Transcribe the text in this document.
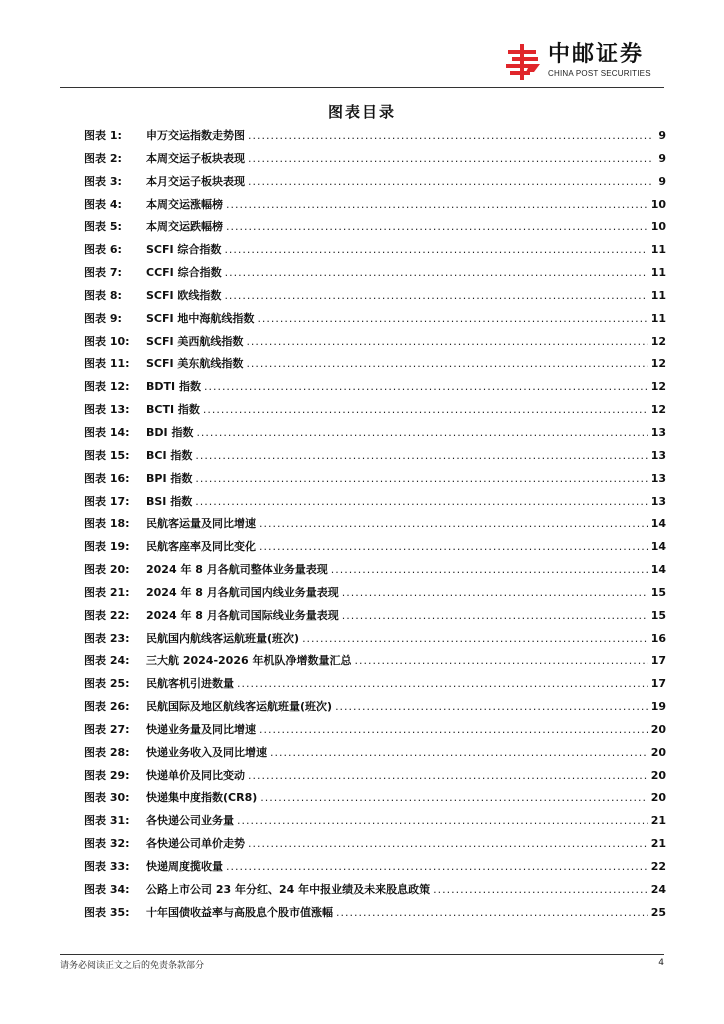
中邮证券
CHINA POST SECURITIES
图表目录
图表 1:	申万交运指数走势图 .....	9
图表 2:	本周交运子板块表现 .....	9
图表 3:	本月交运子板块表现 .....	9
图表 4:	本周交运涨幅榜 .....	10
图表 5:	本周交运跌幅榜 .....	10
图表 6:	SCFI 综合指数 .....	11
图表 7:	CCFI 综合指数 .....	11
图表 8:	SCFI 欧线指数 .....	11
图表 9:	SCFI 地中海航线指数 .....	11
图表 10:	SCFI 美西航线指数 .....	12
图表 11:	SCFI 美东航线指数 .....	12
图表 12:	BDTI 指数 .....	12
图表 13:	BCTI 指数 .....	12
图表 14:	BDI 指数 .....	13
图表 15:	BCI 指数 .....	13
图表 16:	BPI 指数 .....	13
图表 17:	BSI 指数 .....	13
图表 18:	民航客运量及同比增速 .....	14
图表 19:	民航客座率及同比变化 .....	14
图表 20:	2024 年 8 月各航司整体业务量表现 .....	14
图表 21:	2024 年 8 月各航司国内线业务量表现 .....	15
图表 22:	2024 年 8 月各航司国际线业务量表现 .....	15
图表 23:	民航国内航线客运航班量(班次) .....	16
图表 24:	三大航 2024-2026 年机队净增数量汇总 .....	17
图表 25:	民航客机引进数量 .....	17
图表 26:	民航国际及地区航线客运航班量(班次) .....	19
图表 27:	快递业务量及同比增速 .....	20
图表 28:	快递业务收入及同比增速 .....	20
图表 29:	快递单价及同比变动 .....	20
图表 30:	快递集中度指数(CR8) .....	20
图表 31:	各快递公司业务量 .....	21
图表 32:	各快递公司单价走势 .....	21
图表 33:	快递周度揽收量 .....	22
图表 34:	公路上市公司 23 年分红、24 年中报业绩及未来股息政策 .....	24
图表 35:	十年国债收益率与高股息个股市值涨幅 .....	25
请务必阅读正文之后的免责条款部分	4
